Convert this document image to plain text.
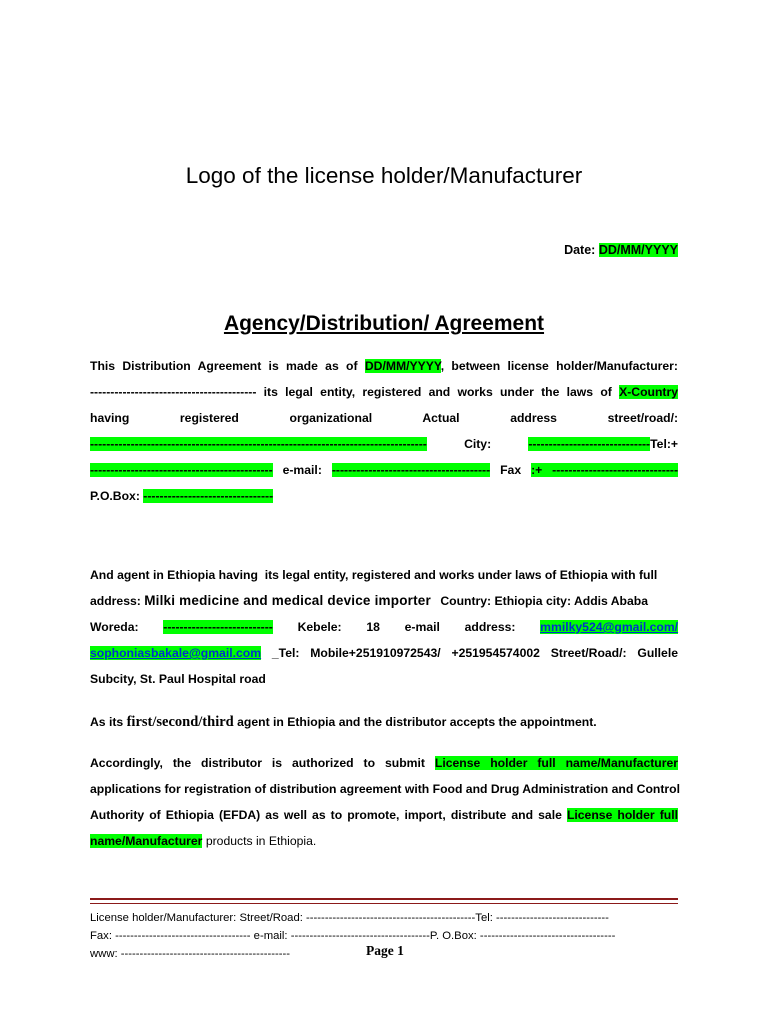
Logo of the license holder/Manufacturer
Date: DD/MM/YYYY
Agency/Distribution/ Agreement
This Distribution Agreement is made as of DD/MM/YYYY, between license holder/Manufacturer:
----------------------------------------- its legal entity, registered and works under the laws of X-Country
having	registered	organizational	Actual	address	street/road/:
-----------------------------------------------------------------------------------	City:	------------------------------Tel:+
--------------------------------------------- e-mail: --------------------------------------- Fax :+ -------------------------------
P.O.Box: --------------------------------
And agent in Ethiopia having  its legal entity, registered and works under laws of Ethiopia with full
address: Milki medicine and medical device importer Country: Ethiopia city: Addis Ababa
Woreda: --------------------------- Kebele: 18 e-mail address: mmilky524@gmail.com/
sophoniasbakale@gmail.com _Tel: Mobile+251910972543/ +251954574002 Street/Road/: Gullele
Subcity, St. Paul Hospital road
As its first/second/third agent in Ethiopia and the distributor accepts the appointment.
Accordingly, the distributor is authorized to submit License holder full name/Manufacturer
applications for registration of distribution agreement with Food and Drug Administration and Control
Authority of Ethiopia (EFDA) as well as to promote, import, distribute and sale License holder full
name/Manufacturer products in Ethiopia.
License holder/Manufacturer: Street/Road: ---------------------------------------------Tel: ------------------------------
Fax: ------------------------------------ e-mail: -------------------------------------P. O.Box: ------------------------------------
www: ---------------------------------------------	Page 1
